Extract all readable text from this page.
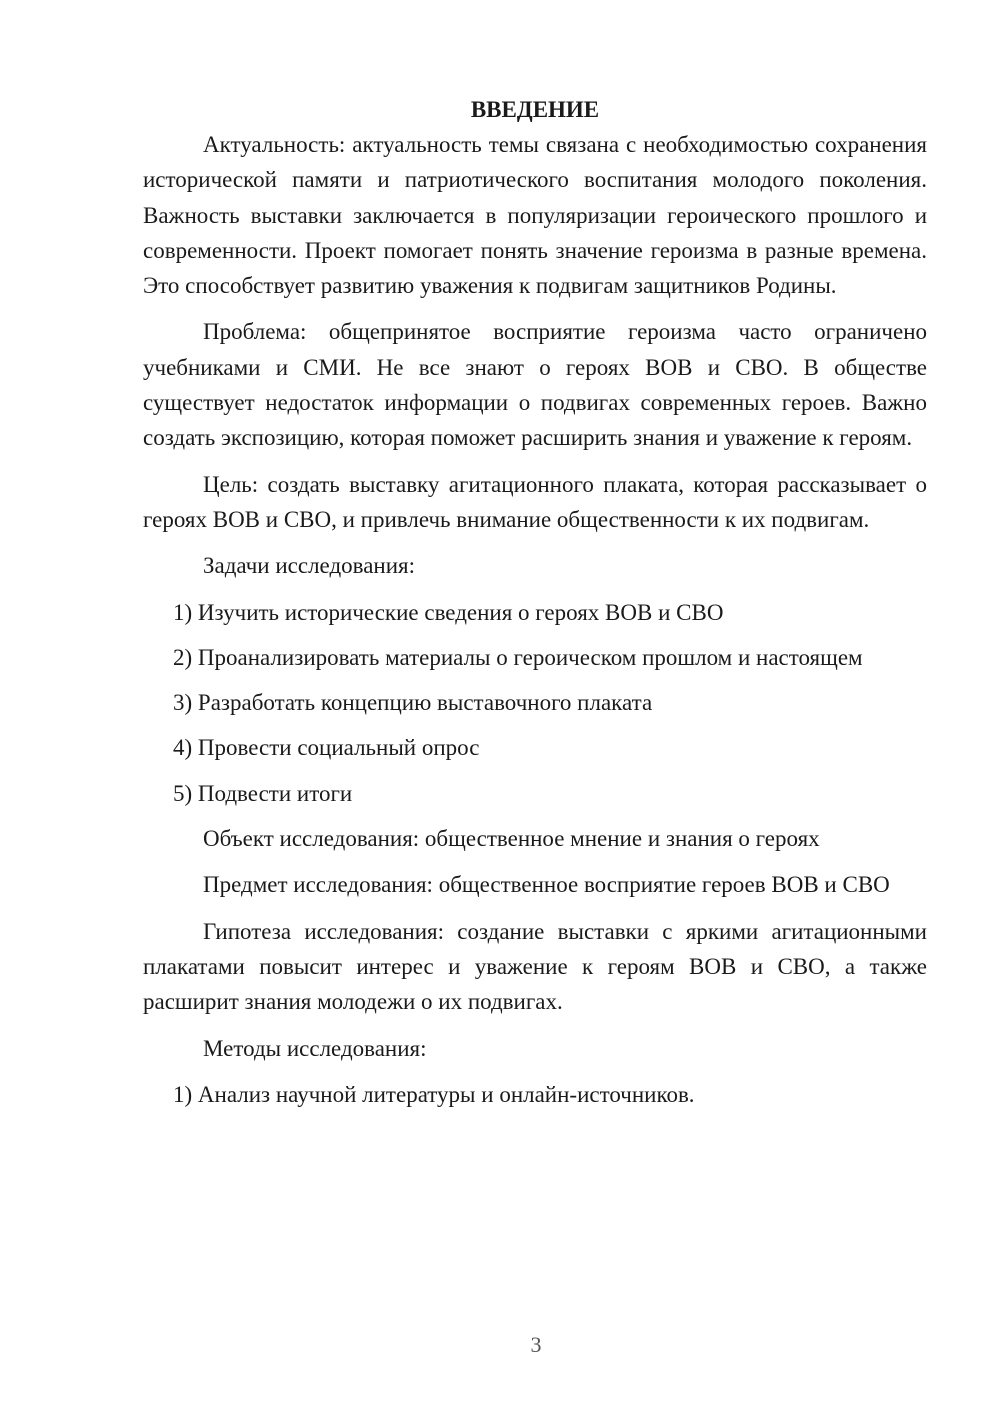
ВВЕДЕНИЕ

Актуальность: актуальность темы связана с необходимостью сохранения исторической памяти и патриотического воспитания молодого поколения. Важность выставки заключается в популяризации героического прошлого и современности. Проект помогает понять значение героизма в разные времена. Это способствует развитию уважения к подвигам защитников Родины.

Проблема: общепринятое восприятие героизма часто ограничено учебниками и СМИ. Не все знают о героях ВОВ и СВО. В обществе существует недостаток информации о подвигах современных героев. Важно создать экспозицию, которая поможет расширить знания и уважение к героям.

Цель: создать выставку агитационного плаката, которая рассказывает о героях ВОВ и СВО, и привлечь внимание общественности к их подвигам.

Задачи исследования:

1) Изучить исторические сведения о героях ВОВ и СВО

2) Проанализировать материалы о героическом прошлом и настоящем

3) Разработать концепцию выставочного плаката

4) Провести социальный опрос

5) Подвести итоги

Объект исследования: общественное мнение и знания о героях

Предмет исследования: общественное восприятие героев ВОВ и СВО

Гипотеза исследования: создание выставки с яркими агитационными плакатами повысит интерес и уважение к героям ВОВ и СВО, а также расширит знания молодежи о их подвигах.

Методы исследования:

1) Анализ научной литературы и онлайн-источников.

3
